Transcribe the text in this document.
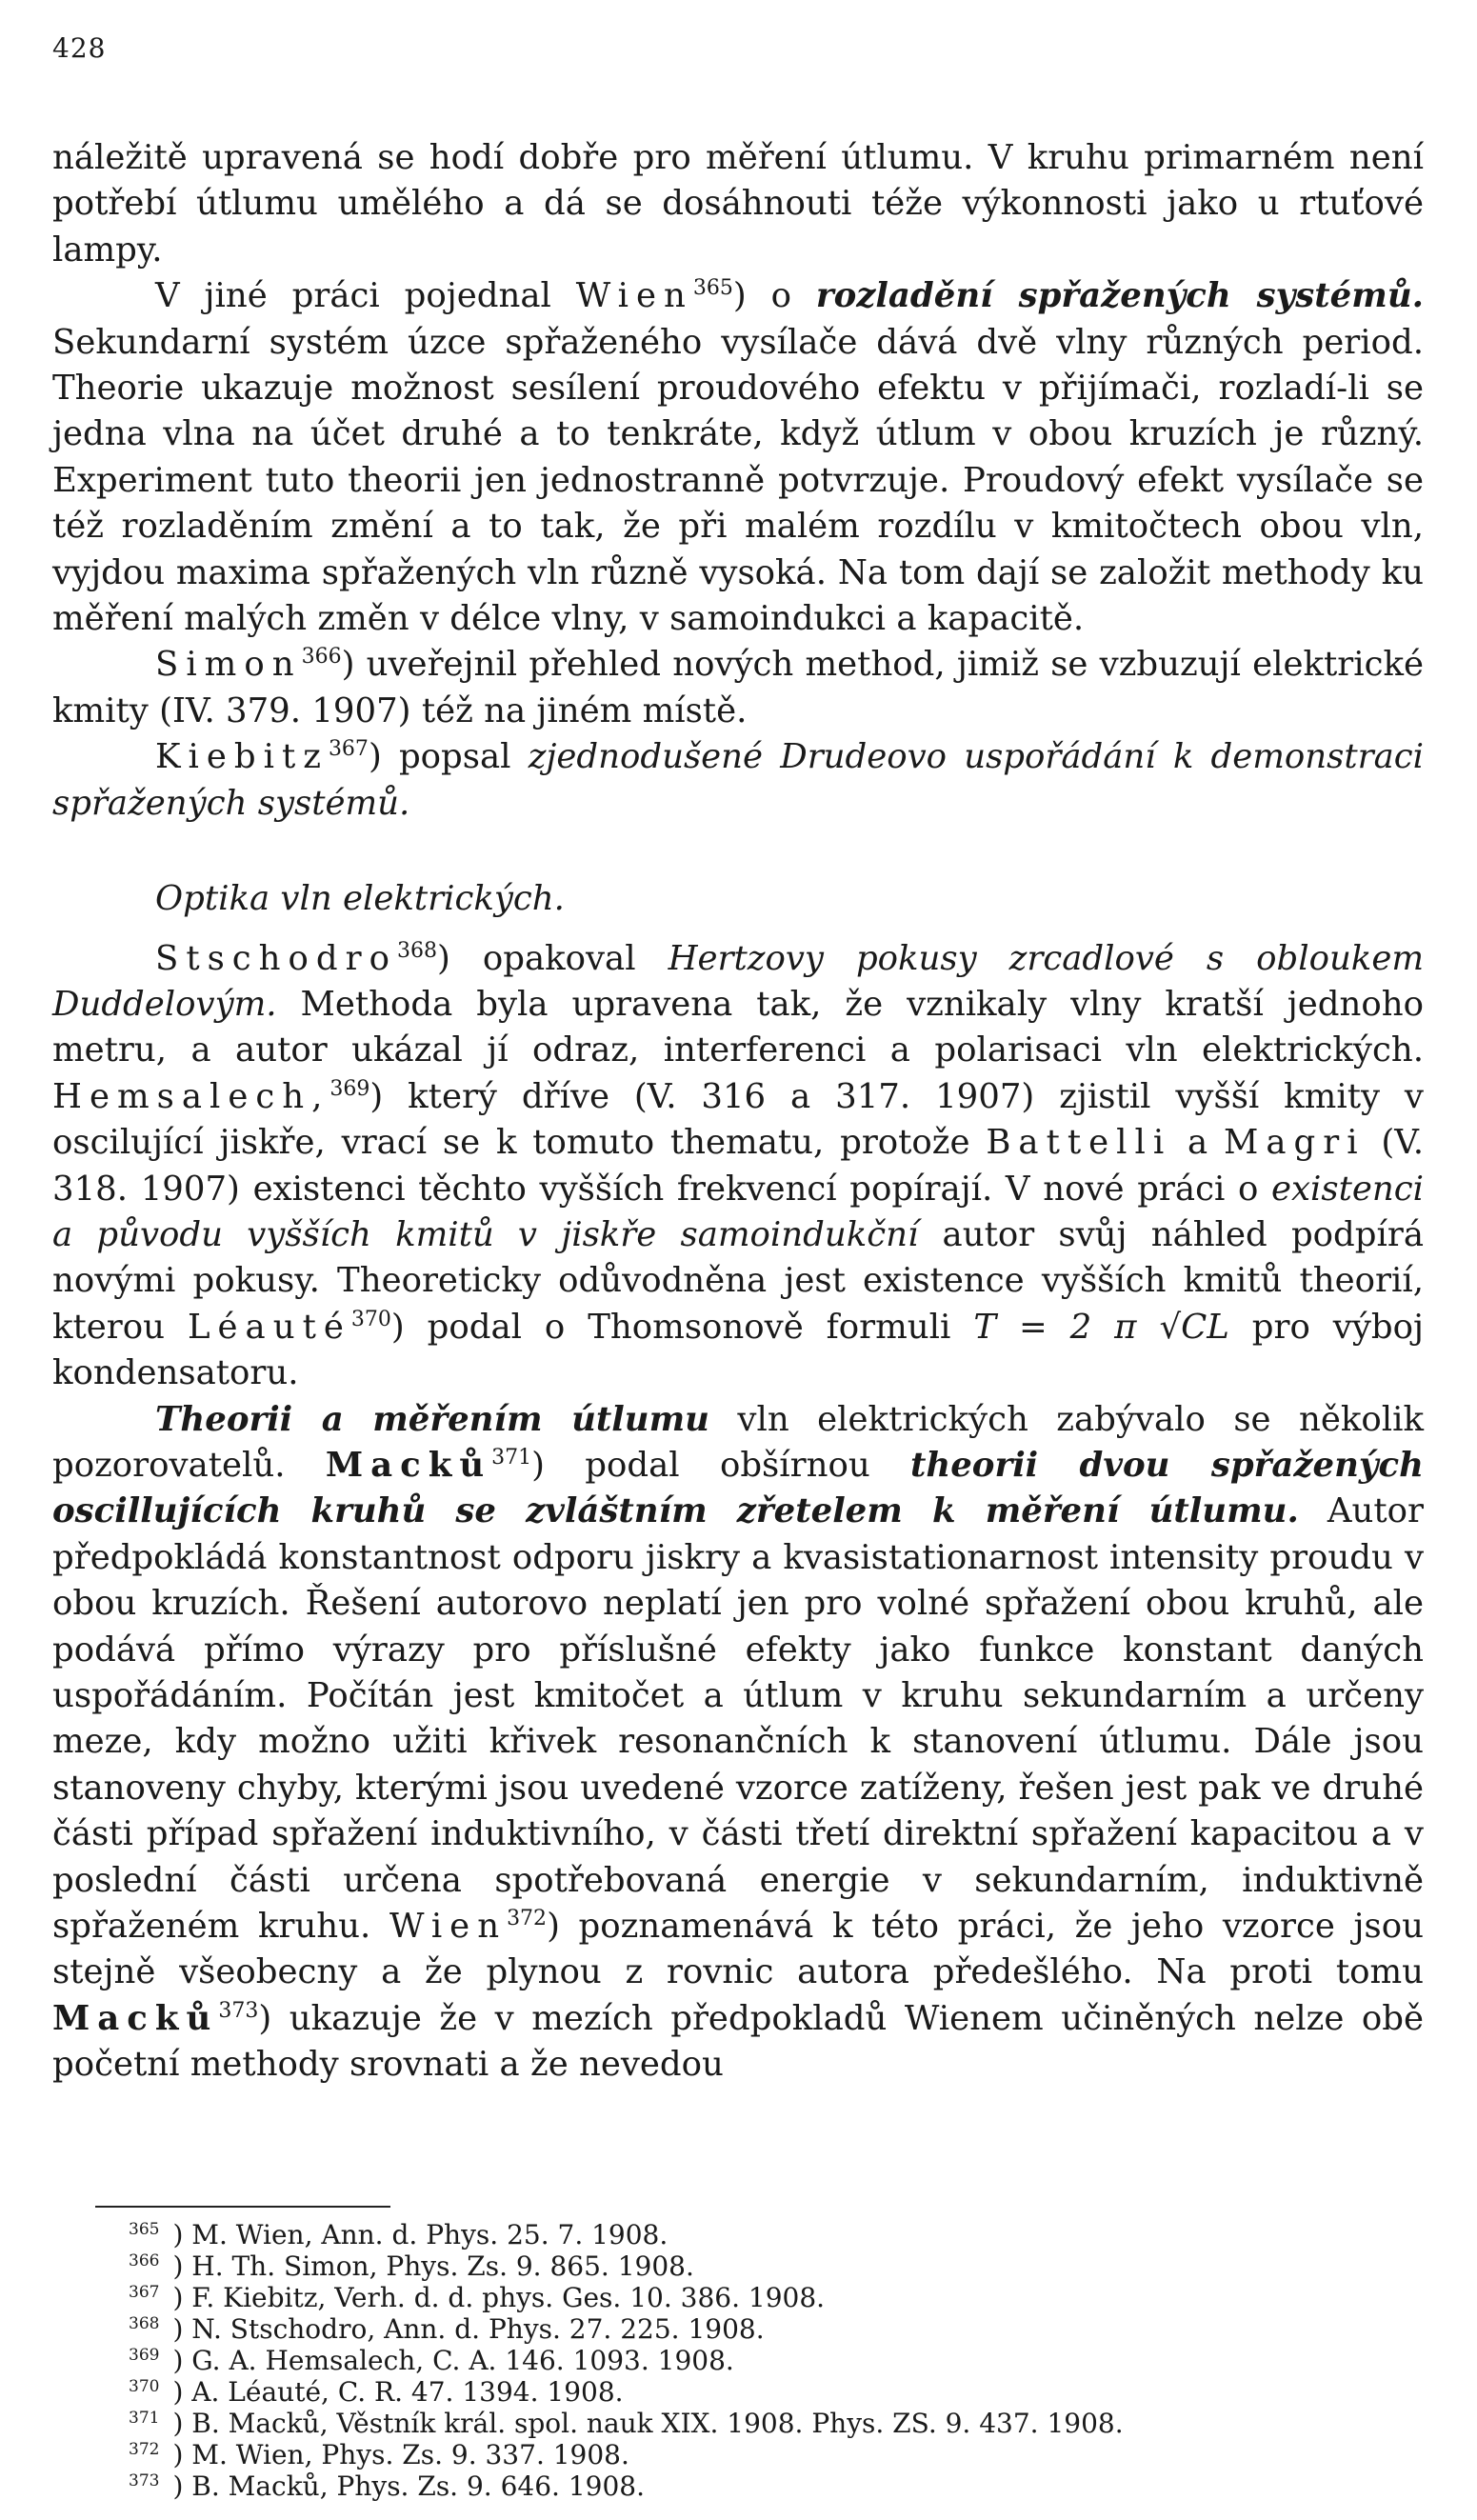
428

náležitě upravená se hodí dobře pro měření útlumu. V kruhu primarném není potřebí útlumu umělého a dá se dosáhnouti téže výkonnosti jako u rtuťové lampy.

V jiné práci pojednal Wien$^{365}$) o rozladění spřažených systémů. Sekundarní systém úzce spřaženého vysílače dává dvě vlny různých period. Theorie ukazuje možnost sesílení proudového efektu v přijímači, rozladí-li se jedna vlna na účet druhé a to tenkráte, když útlum v obou kruzích je různý. Experiment tuto theorii jen jednostranně potvrzuje. Proudový efekt vysílače se též rozladěním změní a to tak, že při malém rozdílu v kmitočtech obou vln, vyjdou maxima spřažených vln různě vysoká. Na tom dají se založit methody ku měření malých změn v délce vlny, v samoindukci a kapacitě.

Simon$^{366}$) uveřejnil přehled nových method, jimiž se vzbuzují elektrické kmity (IV. 379. 1907) též na jiném místě.

Kiebitz$^{367}$) popsal zjednodušené Drudeovo uspořádání k demonstraci spřažených systémů.

Optika vln elektrických.

Stschodro$^{368}$) opakoval Hertzovy pokusy zrcadlové s obloukem Duddelovým. Methoda byla upravena tak, že vznikaly vlny kratší jednoho metru, a autor ukázal jí odraz, interferenci a polarisaci vln elektrických. Hemsalech,$^{369}$) který dříve (V. 316 a 317. 1907) zjistil vyšší kmity v oscilující jiskře, vrací se k tomuto thematu, protože Battelli a Magri (V. 318. 1907) existenci těchto vyšších frekvencí popírají. V nové práci o existenci a původu vyšších kmitů v jiskře samoindukční autor svůj náhled podpírá novými pokusy. Theoreticky odůvodněna jest existence vyšších kmitů theorií, kterou Léauté$^{370}$) podal o Thomsonově formuli T = 2 π √CL pro výboj kondensatoru.

Theorii a měřením útlumu vln elektrických zabývalo se několik pozorovatelů. Macků$^{371}$) podal obšírnou theorii dvou spřažených oscillujících kruhů se zvláštním zřetelem k měření útlumu. Autor předpokládá konstantnost odporu jiskry a kvasistationarnost intensity proudu v obou kruzích. Řešení autorovo neplatí jen pro volné spřažení obou kruhů, ale podává přímo výrazy pro příslušné efekty jako funkce konstant daných uspořádáním. Počítán jest kmitočet a útlum v kruhu sekundarním a určeny meze, kdy možno užiti křivek resonančních k stanovení útlumu. Dále jsou stanoveny chyby, kterými jsou uvedené vzorce zatíženy, řešen jest pak ve druhé části případ spřažení induktivního, v části třetí direktní spřažení kapacitou a v poslední části určena spotřebovaná energie v sekundarním, induktivně spřaženém kruhu. Wien$^{372}$) poznamenává k této práci, že jeho vzorce jsou stejně všeobecny a že plynou z rovnic autora předešlého. Na proti tomu Macků$^{373}$) ukazuje že v mezích předpokladů Wienem učiněných nelze obě početní methody srovnati a že nevedou

$^{365}$ ) M. Wien, Ann. d. Phys. 25. 7. 1908.

$^{366}$ ) H. Th. Simon, Phys. Zs. 9. 865. 1908.

$^{367}$ ) F. Kiebitz, Verh. d. d. phys. Ges. 10. 386. 1908.

$^{368}$ ) N. Stschodro, Ann. d. Phys. 27. 225. 1908.

$^{369}$ ) G. A. Hemsalech, C. A. 146. 1093. 1908.

$^{370}$ ) A. Léauté, C. R. 47. 1394. 1908.

$^{371}$ ) B. Macků, Věstník král. spol. nauk XIX. 1908. Phys. ZS. 9. 437. 1908.

$^{372}$ ) M. Wien, Phys. Zs. 9. 337. 1908.

$^{373}$ ) B. Macků, Phys. Zs. 9. 646. 1908.
